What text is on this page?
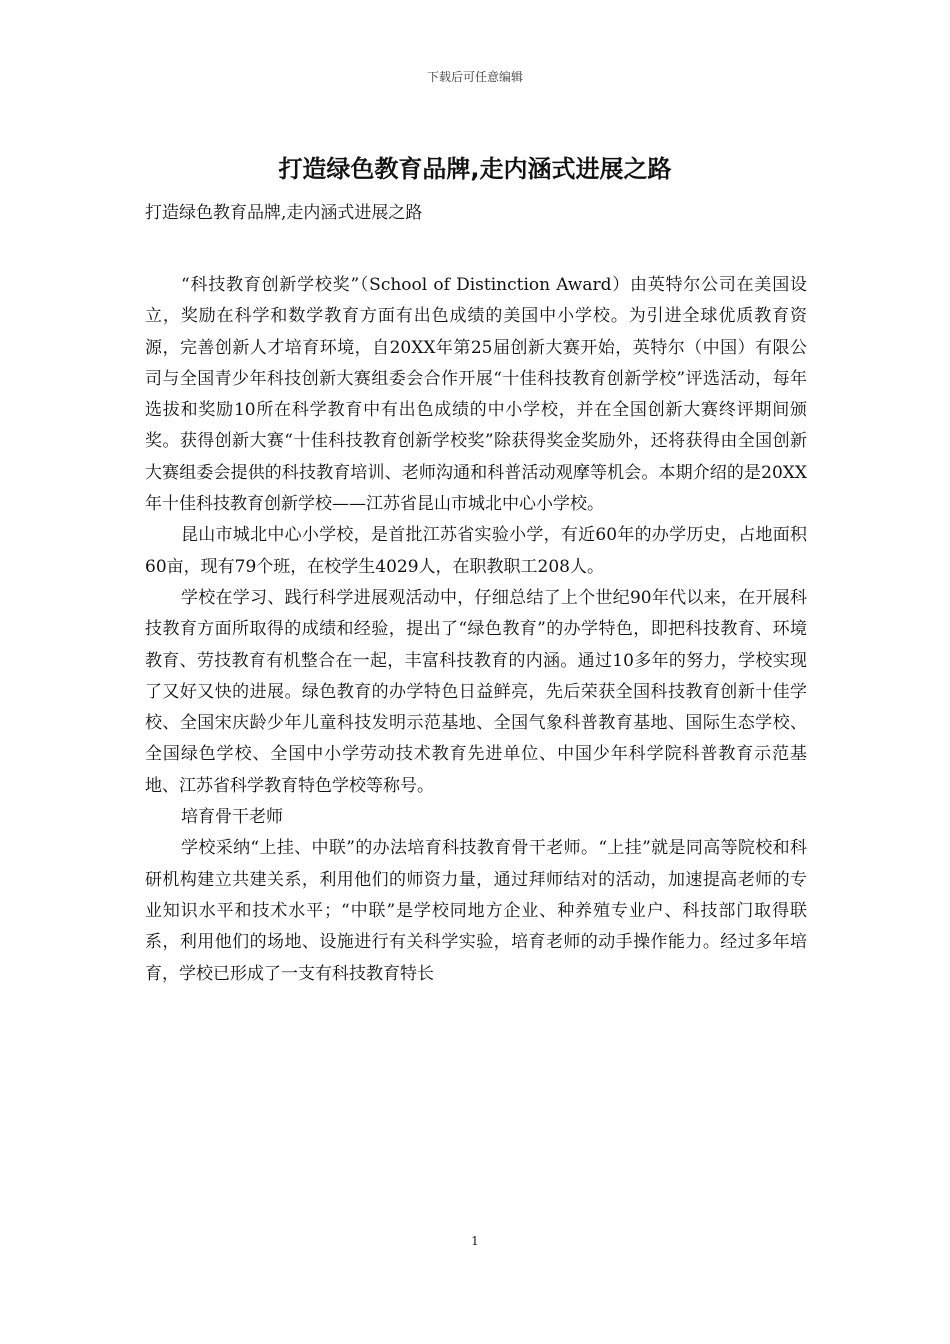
下载后可任意编辑
打造绿色教育品牌,走内涵式进展之路

打造绿色教育品牌,走内涵式进展之路

“科技教育创新学校奖”（School of Distinction Award）由英特尔公司在美国设立，奖励在科学和数学教育方面有出色成绩的美国中小学校。为引进全球优质教育资源，完善创新人才培育环境，自20XX年第25届创新大赛开始，英特尔（中国）有限公司与全国青少年科技创新大赛组委会合作开展“十佳科技教育创新学校”评选活动，每年选拔和奖励10所在科学教育中有出色成绩的中小学校，并在全国创新大赛终评期间颁奖。获得创新大赛“十佳科技教育创新学校奖”除获得奖金奖励外，还将获得由全国创新大赛组委会提供的科技教育培训、老师沟通和科普活动观摩等机会。本期介绍的是20XX年十佳科技教育创新学校——江苏省昆山市城北中心小学校。

昆山市城北中心小学校，是首批江苏省实验小学，有近60年的办学历史，占地面积60亩，现有79个班，在校学生4029人，在职教职工208人。

学校在学习、践行科学进展观活动中，仔细总结了上个世纪90年代以来，在开展科技教育方面所取得的成绩和经验，提出了“绿色教育”的办学特色，即把科技教育、环境教育、劳技教育有机整合在一起，丰富科技教育的内涵。通过10多年的努力，学校实现了又好又快的进展。绿色教育的办学特色日益鲜亮，先后荣获全国科技教育创新十佳学校、全国宋庆龄少年儿童科技发明示范基地、全国气象科普教育基地、国际生态学校、全国绿色学校、全国中小学劳动技术教育先进单位、中国少年科学院科普教育示范基地、江苏省科学教育特色学校等称号。

培育骨干老师

学校采纳“上挂、中联”的办法培育科技教育骨干老师。“上挂”就是同高等院校和科研机构建立共建关系，利用他们的师资力量，通过拜师结对的活动，加速提高老师的专业知识水平和技术水平；“中联”是学校同地方企业、种养殖专业户、科技部门取得联系，利用他们的场地、设施进行有关科学实验，培育老师的动手操作能力。经过多年培育，学校已形成了一支有科技教育特长

1
